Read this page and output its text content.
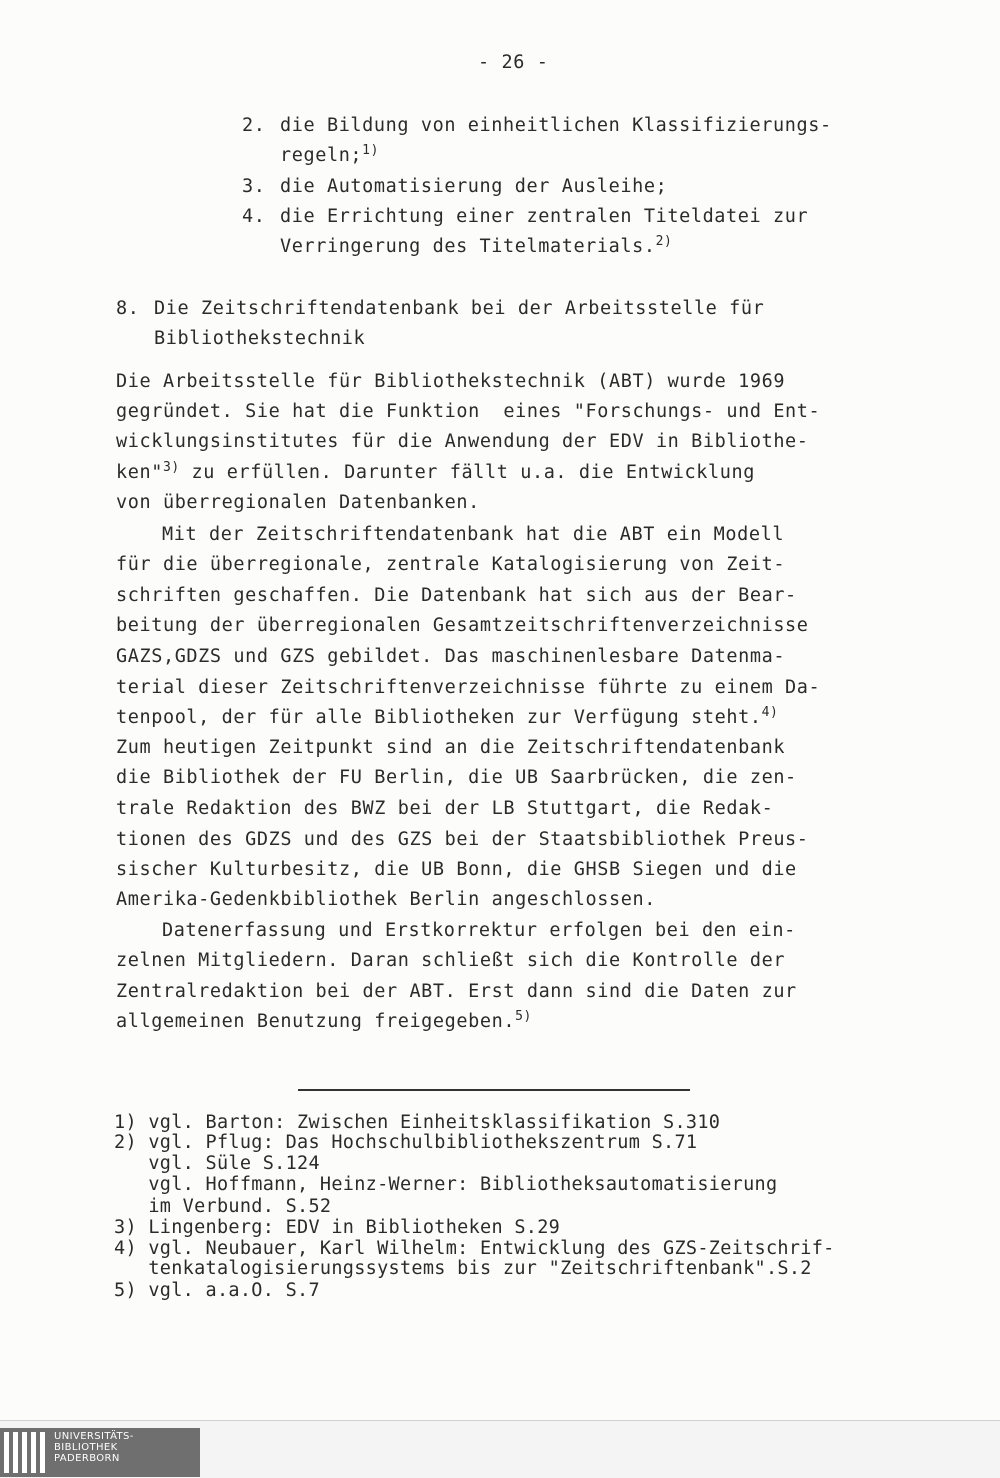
- 26 -
2. die Bildung von einheitlichen Klassifizierungs-
regeln;$^{1)}$
3. die Automatisierung der Ausleihe;
4. die Errichtung einer zentralen Titeldatei zur
Verringerung des Titelmaterials.$^{2)}$
8. Die Zeitschriftendatenbank bei der Arbeitsstelle für
Bibliothekstechnik
Die Arbeitsstelle für Bibliothekstechnik (ABT) wurde 1969
gegründet. Sie hat die Funktion  eines "Forschungs- und Ent-
wicklungsinstitutes für die Anwendung der EDV in Bibliothe-
ken"$^{3)}$ zu erfüllen. Darunter fällt u.a. die Entwicklung
von überregionalen Datenbanken.
Mit der Zeitschriftendatenbank hat die ABT ein Modell
für die überregionale, zentrale Katalogisierung von Zeit-
schriften geschaffen. Die Datenbank hat sich aus der Bear-
beitung der überregionalen Gesamtzeitschriftenverzeichnisse
GAZS,GDZS und GZS gebildet. Das maschinenlesbare Datenma-
terial dieser Zeitschriftenverzeichnisse führte zu einem Da-
tenpool, der für alle Bibliotheken zur Verfügung steht.$^{4)}$
Zum heutigen Zeitpunkt sind an die Zeitschriftendatenbank
die Bibliothek der FU Berlin, die UB Saarbrücken, die zen-
trale Redaktion des BWZ bei der LB Stuttgart, die Redak-
tionen des GDZS und des GZS bei der Staatsbibliothek Preus-
sischer Kulturbesitz, die UB Bonn, die GHSB Siegen und die
Amerika-Gedenkbibliothek Berlin angeschlossen.
Datenerfassung und Erstkorrektur erfolgen bei den ein-
zelnen Mitgliedern. Daran schließt sich die Kontrolle der
Zentralredaktion bei der ABT. Erst dann sind die Daten zur
allgemeinen Benutzung freigegeben.$^{5)}$
1) vgl. Barton: Zwischen Einheitsklassifikation S.310
2) vgl. Pflug: Das Hochschulbibliothekszentrum S.71
vgl. Süle S.124
vgl. Hoffmann, Heinz-Werner: Bibliotheksautomatisierung
im Verbund. S.52
3) Lingenberg: EDV in Bibliotheken S.29
4) vgl. Neubauer, Karl Wilhelm: Entwicklung des GZS-Zeitschrif-
tenkatalogisierungssystems bis zur "Zeitschriftenbank".S.2
5) vgl. a.a.O. S.7
UNIVERSITÄTS-
BIBLIOTHEK
PADERBORN
